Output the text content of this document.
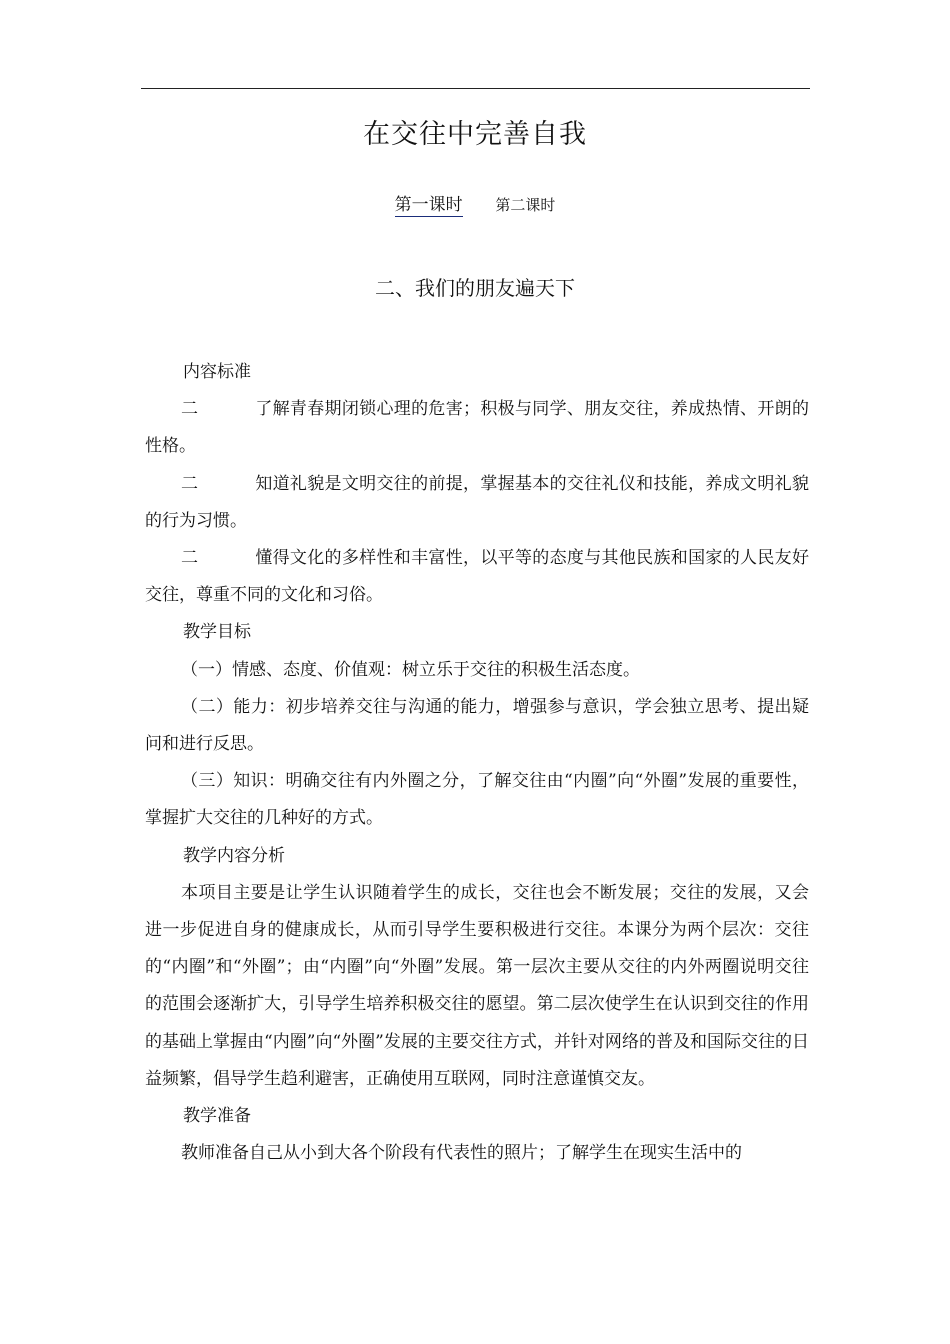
在交往中完善自我
第一课时 第二课时
二、我们的朋友遍天下

内容标准

二	了解青春期闭锁心理的危害；积极与同学、朋友交往，养成热情、开朗的性格。

二	知道礼貌是文明交往的前提，掌握基本的交往礼仪和技能，养成文明礼貌的行为习惯。

二	懂得文化的多样性和丰富性，以平等的态度与其他民族和国家的人民友好交往，尊重不同的文化和习俗。

教学目标

（一）情感、态度、价值观：树立乐于交往的积极生活态度。

（二）能力：初步培养交往与沟通的能力，增强参与意识，学会独立思考、提出疑问和进行反思。

（三）知识：明确交往有内外圈之分，了解交往由“内圈”向“外圈”发展的重要性，掌握扩大交往的几种好的方式。

教学内容分析

本项目主要是让学生认识随着学生的成长，交往也会不断发展；交往的发展，又会进一步促进自身的健康成长，从而引导学生要积极进行交往。本课分为两个层次：交往的“内圈”和“外圈”；由“内圈”向“外圈”发展。第一层次主要从交往的内外两圈说明交往的范围会逐渐扩大，引导学生培养积极交往的愿望。第二层次使学生在认识到交往的作用的基础上掌握由“内圈”向“外圈”发展的主要交往方式，并针对网络的普及和国际交往的日益频繁，倡导学生趋利避害，正确使用互联网，同时注意谨慎交友。

教学准备

教师准备自己从小到大各个阶段有代表性的照片；了解学生在现实生活中的
